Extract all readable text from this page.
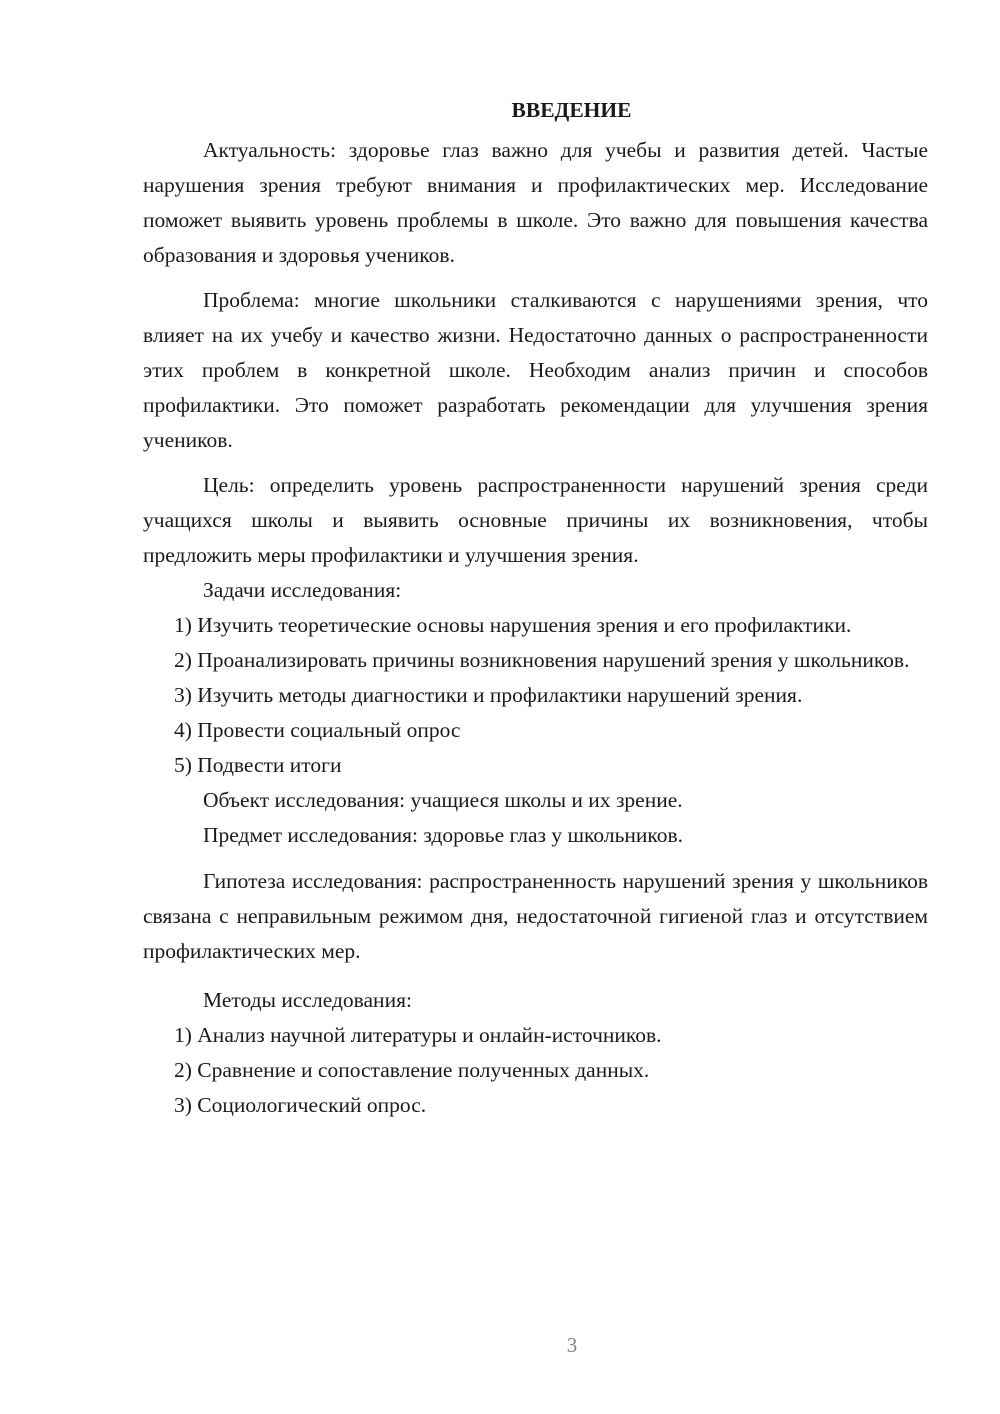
ВВЕДЕНИЕ

Актуальность: здоровье глаз важно для учебы и развития детей. Частые нарушения зрения требуют внимания и профилактических мер. Исследование поможет выявить уровень проблемы в школе. Это важно для повышения качества образования и здоровья учеников.

Проблема: многие школьники сталкиваются с нарушениями зрения, что влияет на их учебу и качество жизни. Недостаточно данных о распространенности этих проблем в конкретной школе. Необходим анализ причин и способов профилактики. Это поможет разработать рекомендации для улучшения зрения учеников.

Цель: определить уровень распространенности нарушений зрения среди учащихся школы и выявить основные причины их возникновения, чтобы предложить меры профилактики и улучшения зрения.

Задачи исследования:

1) Изучить теоретические основы нарушения зрения и его профилактики.

2) Проанализировать причины возникновения нарушений зрения у школьников.

3) Изучить методы диагностики и профилактики нарушений зрения.

4) Провести социальный опрос

5) Подвести итоги

Объект исследования: учащиеся школы и их зрение.

Предмет исследования: здоровье глаз у школьников.

Гипотеза исследования: распространенность нарушений зрения у школьников связана с неправильным режимом дня, недостаточной гигиеной глаз и отсутствием профилактических мер.

Методы исследования:

1) Анализ научной литературы и онлайн-источников.

2) Сравнение и сопоставление полученных данных.

3) Социологический опрос.

3
